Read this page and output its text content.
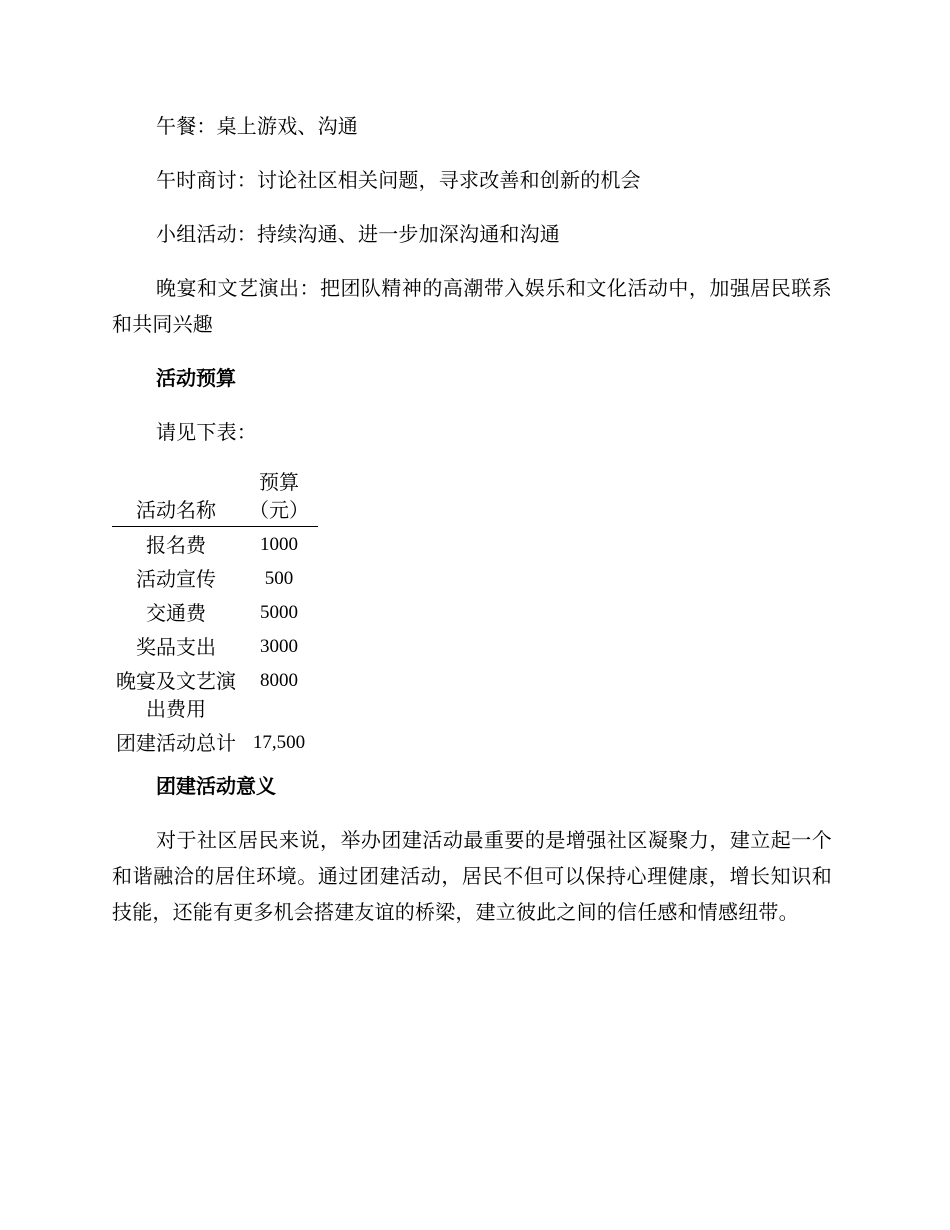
午餐：桌上游戏、沟通

午时商讨：讨论社区相关问题，寻求改善和创新的机会

小组活动：持续沟通、进一步加深沟通和沟通

晚宴和文艺演出：把团队精神的高潮带入娱乐和文化活动中，加强居民联系和共同兴趣

活动预算

请见下表：

活动名称	预算（元）
报名费	1000
活动宣传	500
交通费	5000
奖品支出	3000
晚宴及文艺演出费用	8000
团建活动总计	17,500

团建活动意义

对于社区居民来说，举办团建活动最重要的是增强社区凝聚力，建立起一个和谐融洽的居住环境。通过团建活动，居民不但可以保持心理健康，增长知识和技能，还能有更多机会搭建友谊的桥梁，建立彼此之间的信任感和情感纽带。
